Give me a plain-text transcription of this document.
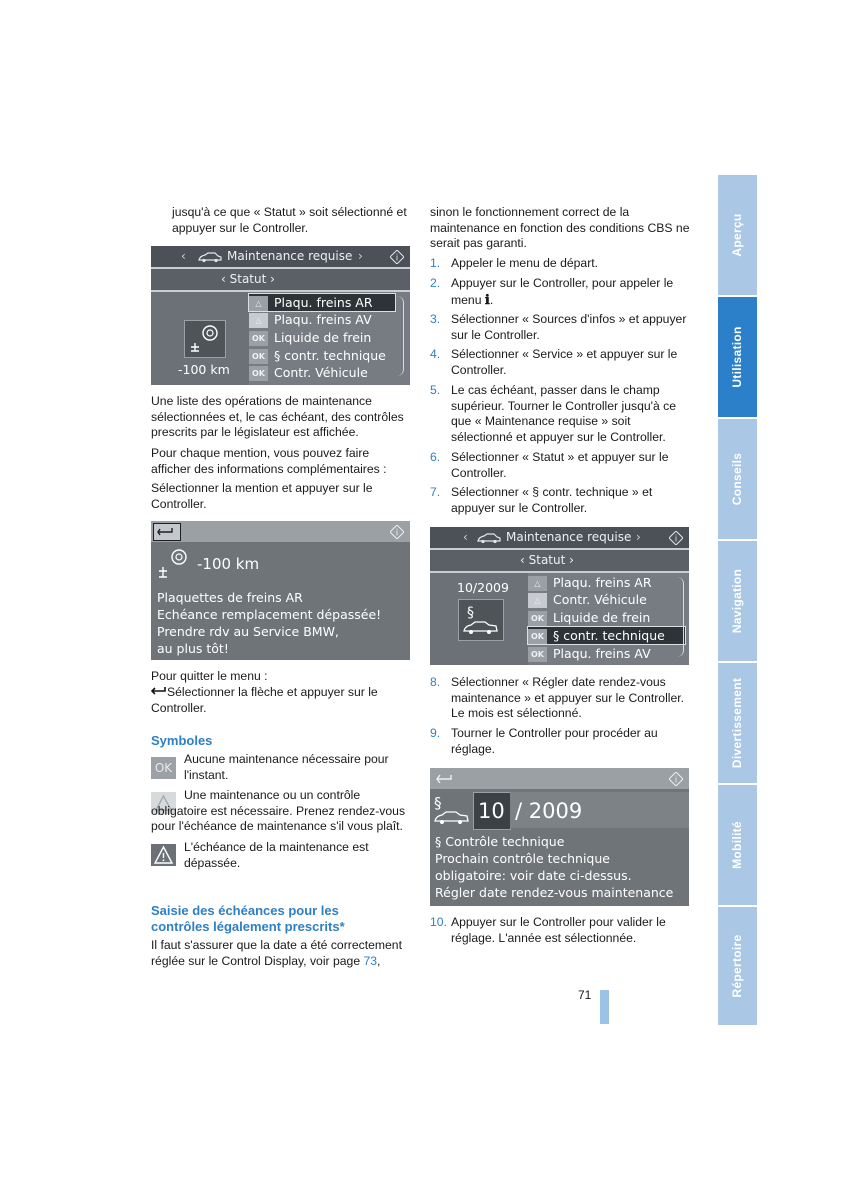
jusqu'à ce que « Statut » soit sélectionné et appuyer sur le Controller.

‹	Maintenance requise ›	i
‹ Statut ›
-100 km
△ Plaqu. freins AR
△ Plaqu. freins AV
OK Liquide de frein
OK § contr. technique
OK Contr. Véhicule

Une liste des opérations de maintenance sélectionnées et, le cas échéant, des contrôles prescrits par le législateur est affichée.

Pour chaque mention, vous pouvez faire afficher des informations complémentaires :

Sélectionner la mention et appuyer sur le Controller.

i
-100 km
Plaquettes de freins AR
Echéance remplacement dépassée!
Prendre rdv au Service BMW,
au plus tôt!

Pour quitter le menu :

Sélectionner la flèche et appuyer sur le Controller.

Symboles
OK

Aucune maintenance nécessaire pour l'instant.

Une maintenance ou un contrôle obligatoire est nécessaire. Prenez rendez-vous pour l'échéance de maintenance s'il vous plaît.

L'échéance de la maintenance est dépassée.

Saisie des échéances pour les contrôles légalement prescrits*

Il faut s'assurer que la date a été correctement réglée sur le Control Display, voir page 73,

sinon le fonctionnement correct de la maintenance en fonction des conditions CBS ne serait pas garanti.

1. Appeler le menu de départ.
2. Appuyer sur le Controller, pour appeler le menu ℹ.
3. Sélectionner « Sources d'infos » et appuyer sur le Controller.
4. Sélectionner « Service » et appuyer sur le Controller.
5. Le cas échéant, passer dans le champ supérieur. Tourner le Controller jusqu'à ce que « Maintenance requise » soit sélectionné et appuyer sur le Controller.
6. Sélectionner « Statut » et appuyer sur le Controller.
7. Sélectionner « § contr. technique » et appuyer sur le Controller.
‹	Maintenance requise ›	i
‹ Statut ›
10/2009
§
△ Plaqu. freins AR
△ Contr. Véhicule
OK Liquide de frein
OK § contr. technique
OK Plaqu. freins AV
8. Sélectionner « Régler date rendez-vous maintenance » et appuyer sur le Controller. Le mois est sélectionné.
9. Tourner le Controller pour procéder au réglage.
i
§ 10 / 2009
§ Contrôle technique
Prochain contrôle technique
obligatoire: voir date ci-dessus.
Régler date rendez-vous maintenance
10. Appuyer sur le Controller pour valider le réglage. L'année est sélectionnée.
71
Aperçu
Utilisation
Conseils
Navigation
Divertissement
Mobilité
Répertoire
